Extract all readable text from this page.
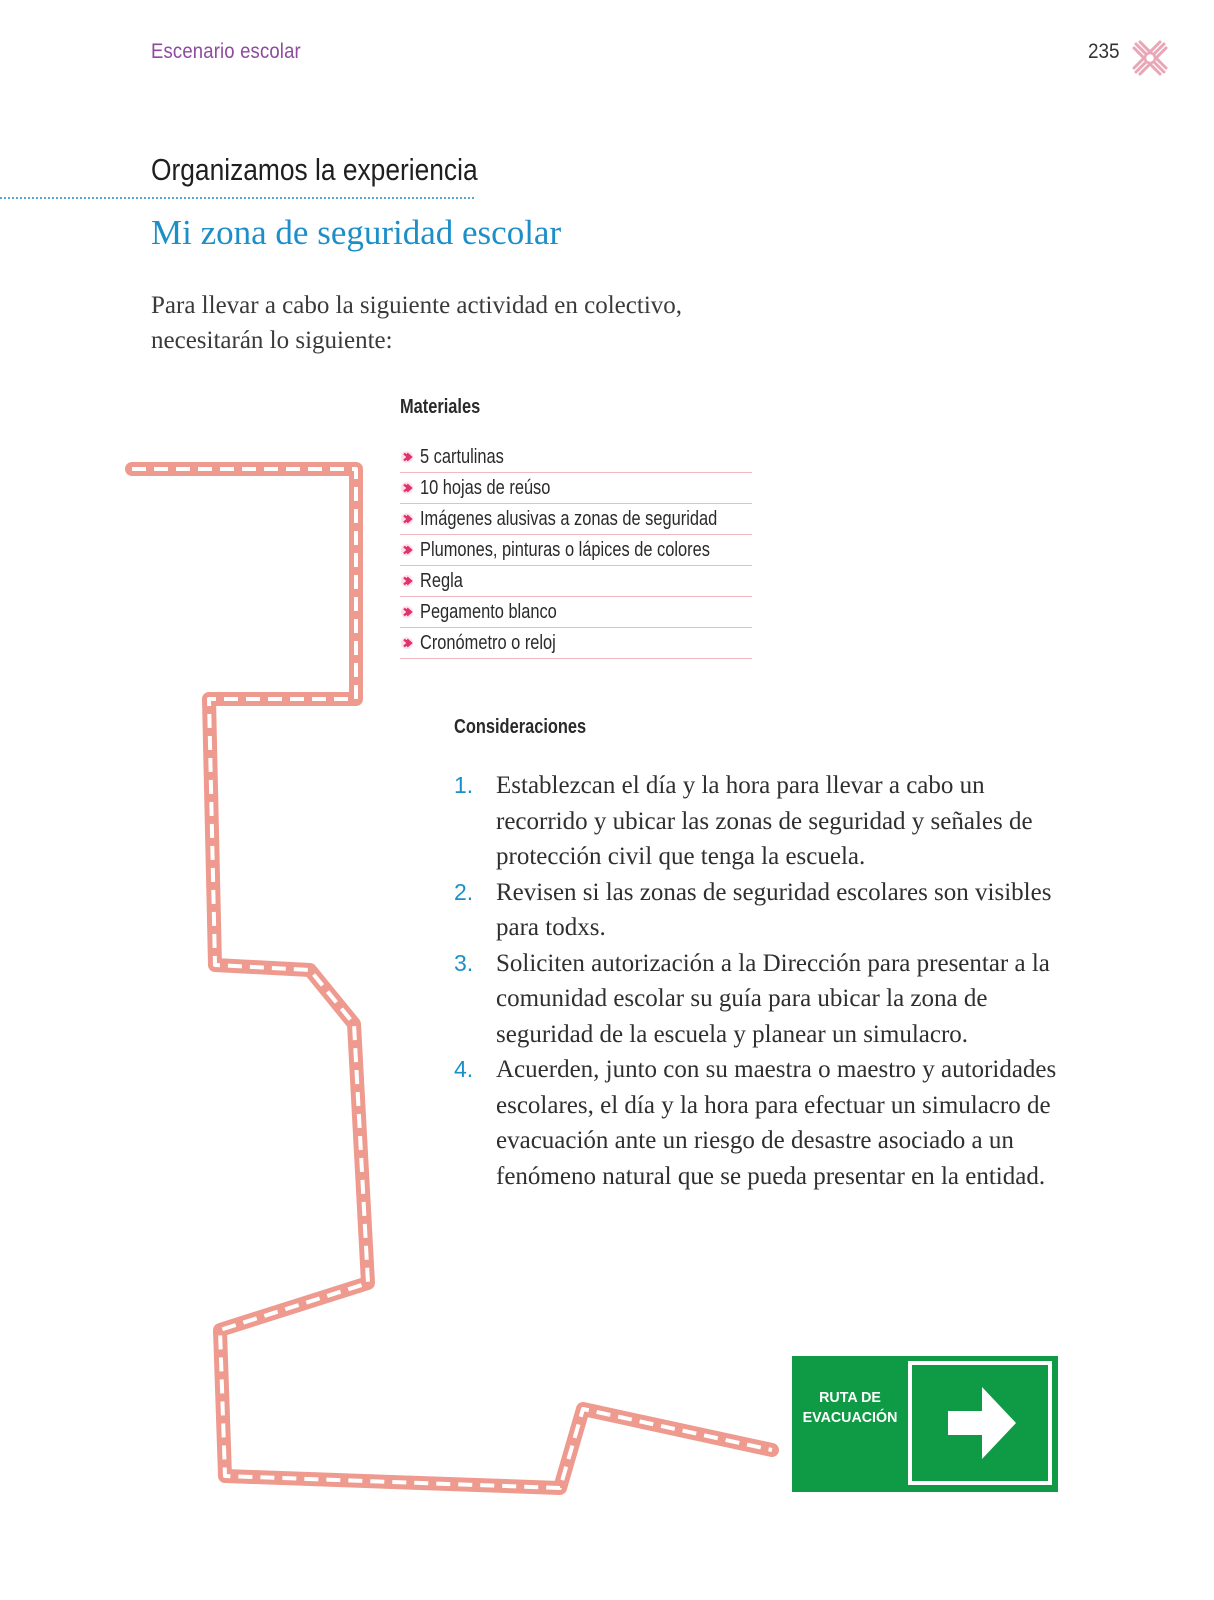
Escenario escolar	235
Organizamos la experiencia
Mi zona de seguridad escolar
Para llevar a cabo la siguiente actividad en colectivo, necesitarán lo siguiente:
Materiales
5 cartulinas
10 hojas de reúso
Imágenes alusivas a zonas de seguridad
Plumones, pinturas o lápices de colores
Regla
Pegamento blanco
Cronómetro o reloj
Consideraciones
1. Establezcan el día y la hora para llevar a cabo un recorrido y ubicar las zonas de seguridad y señales de protección civil que tenga la escuela.
2. Revisen si las zonas de seguridad escolares son visibles para todxs.
3. Soliciten autorización a la Dirección para presentar a la comunidad escolar su guía para ubicar la zona de seguridad de la escuela y planear un simulacro.
4. Acuerden, junto con su maestra o maestro y autoridades escolares, el día y la hora para efectuar un simulacro de evacuación ante un riesgo de desastre asociado a un fenómeno natural que se pueda presentar en la entidad.
RUTA DE
EVACUACIÓN
